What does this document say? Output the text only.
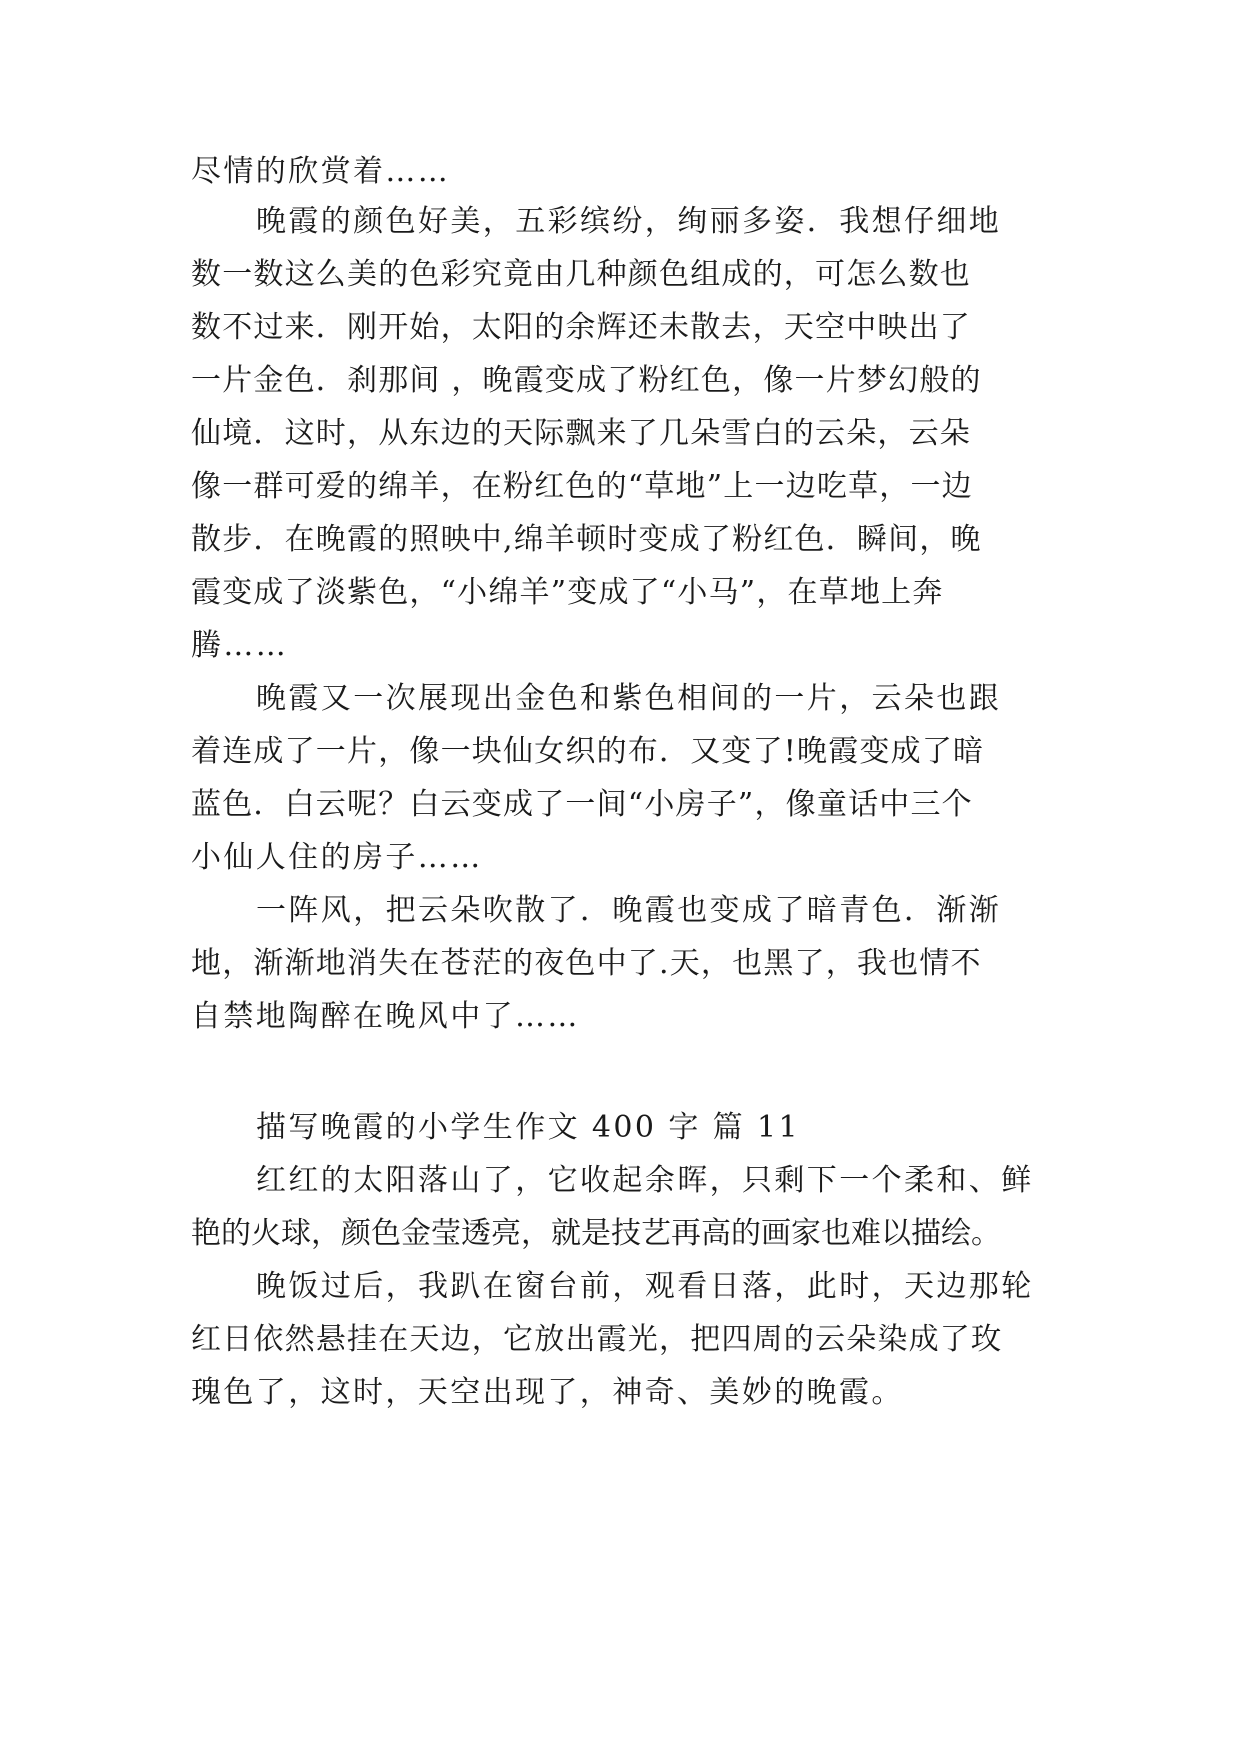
尽情的欣赏着……
晚霞的颜色好美，五彩缤纷，绚丽多姿．我想仔细地
数一数这么美的色彩究竟由几种颜色组成的，可怎么数也
数不过来．刚开始，太阳的余辉还未散去，天空中映出了
一片金色．刹那间 ，晚霞变成了粉红色，像一片梦幻般的
仙境．这时，从东边的天际飘来了几朵雪白的云朵，云朵
像一群可爱的绵羊，在粉红色的“草地”上一边吃草，一边
散步．在晚霞的照映中,绵羊顿时变成了粉红色．瞬间，晚
霞变成了淡紫色，“小绵羊”变成了“小马”，在草地上奔
腾……
晚霞又一次展现出金色和紫色相间的一片，云朵也跟
着连成了一片，像一块仙女织的布．又变了!晚霞变成了暗
蓝色．白云呢？白云变成了一间“小房子”，像童话中三个
小仙人住的房子……
一阵风，把云朵吹散了．晚霞也变成了暗青色．渐渐
地，渐渐地消失在苍茫的夜色中了.天，也黑了，我也情不
自禁地陶醉在晚风中了……
描写晚霞的小学生作文 400 字 篇 11
红红的太阳落山了，它收起余晖，只剩下一个柔和、鲜
艳的火球，颜色金莹透亮，就是技艺再高的画家也难以描绘。
晚饭过后，我趴在窗台前，观看日落，此时，天边那轮
红日依然悬挂在天边，它放出霞光，把四周的云朵染成了玫
瑰色了，这时，天空出现了，神奇、美妙的晚霞。
